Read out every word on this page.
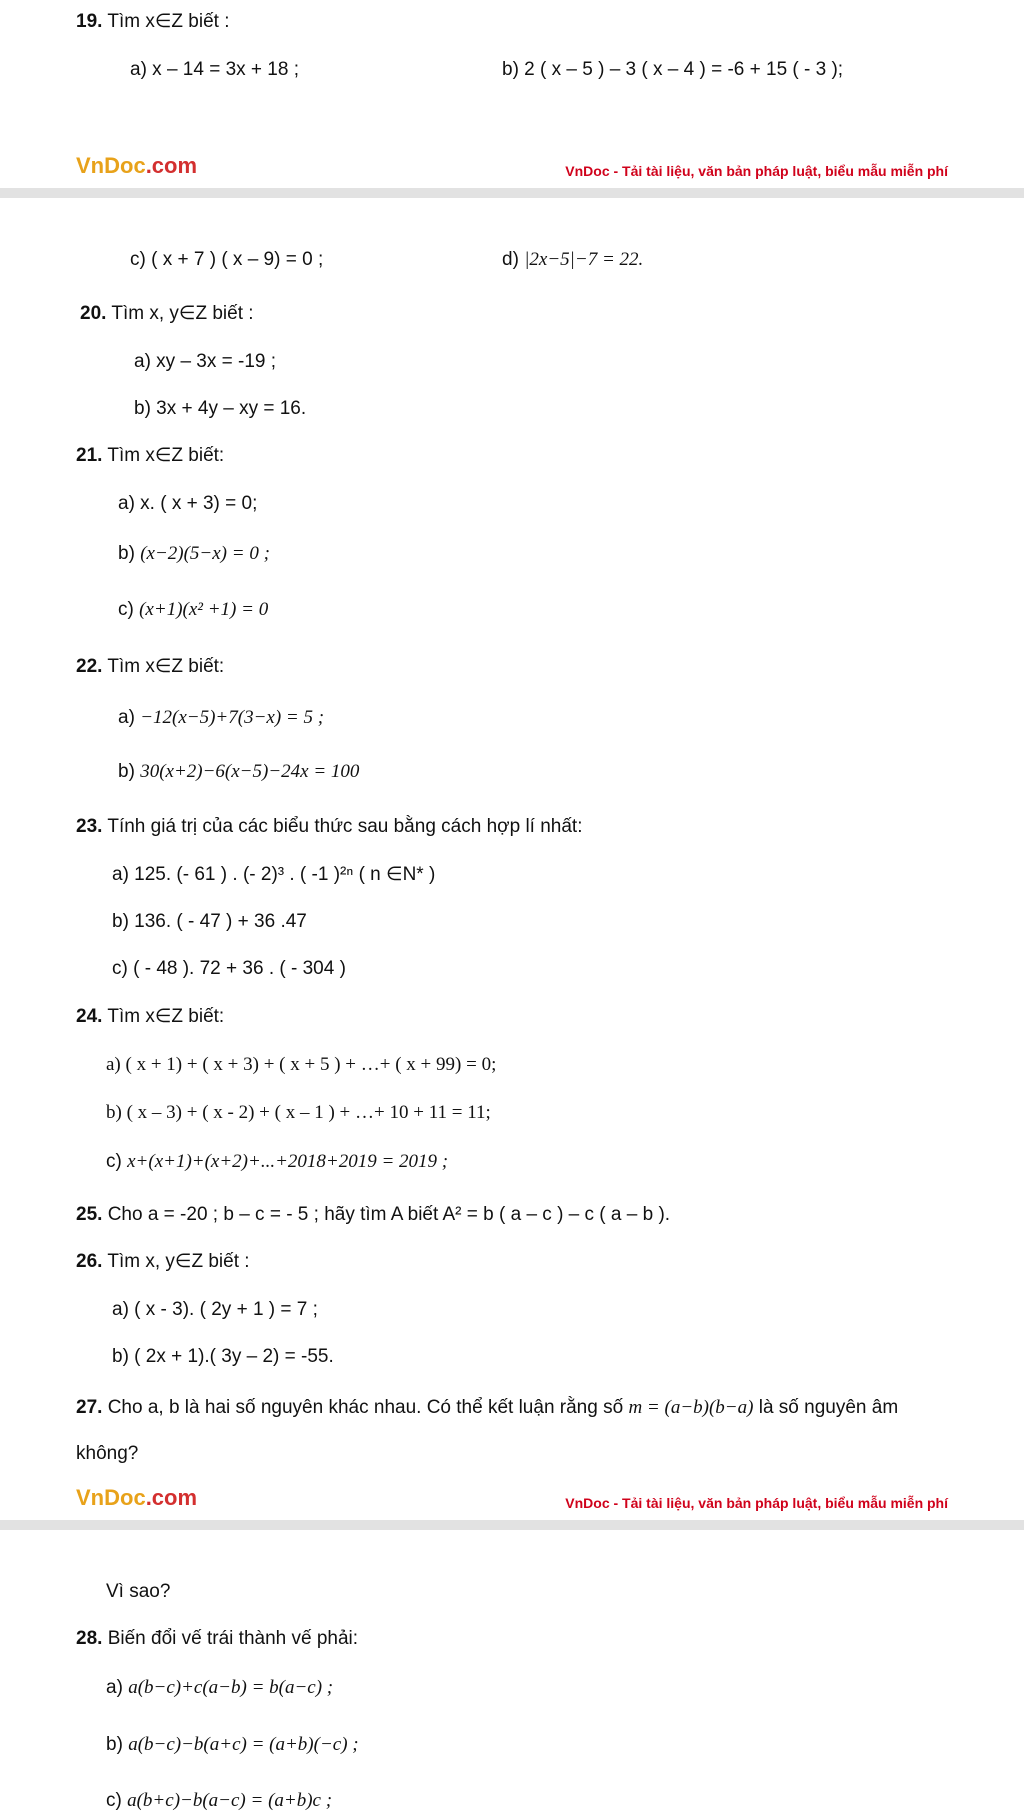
19. Tìm x∈Z biết :
a) x – 14 = 3x + 18 ;	b) 2 ( x – 5 ) – 3 ( x – 4 ) = -6 + 15 ( - 3 );
VnDoc.com	VnDoc - Tải tài liệu, văn bản pháp luật, biểu mẫu miễn phí
c) ( x + 7 ) ( x – 9) = 0 ;	d) |2x−5|−7 = 22.
20. Tìm x, y∈Z biết :
a) xy – 3x = -19 ;
b) 3x + 4y – xy = 16.
21. Tìm x∈Z biết:
a) x. ( x + 3) = 0;
b) (x−2)(5−x) = 0 ;
c) (x+1)(x² +1) = 0
22. Tìm x∈Z biết:
a) −12(x−5)+7(3−x) = 5 ;
b) 30(x+2)−6(x−5)−24x = 100
23. Tính giá trị của các biểu thức sau bằng cách hợp lí nhất:
a) 125. (- 61 ) . (- 2)³ . ( -1 )²ⁿ ( n ∈N* )
b) 136. ( - 47 ) + 36 .47
c) ( - 48 ). 72 + 36 . ( - 304 )
24. Tìm x∈Z biết:
a) ( x + 1) + ( x + 3) + ( x + 5 ) + …+ ( x + 99) = 0;
b) ( x – 3) + ( x - 2) + ( x – 1 ) + …+ 10 + 11 = 11;
c) x+(x+1)+(x+2)+...+2018+2019 = 2019 ;
25. Cho a = -20 ; b – c = - 5 ; hãy tìm A biết A² = b ( a – c ) – c ( a – b ).
26. Tìm x, y∈Z biết :
a) ( x - 3). ( 2y + 1 ) = 7 ;
b) ( 2x + 1).( 3y – 2) = -55.
27. Cho a, b là hai số nguyên khác nhau. Có thể kết luận rằng số m = (a−b)(b−a) là số nguyên âm
không?
VnDoc.com	VnDoc - Tải tài liệu, văn bản pháp luật, biểu mẫu miễn phí
Vì sao?
28. Biến đổi vế trái thành vế phải:
a) a(b−c)+c(a−b) = b(a−c) ;
b) a(b−c)−b(a+c) = (a+b)(−c) ;
c) a(b+c)−b(a−c) = (a+b)c ;
